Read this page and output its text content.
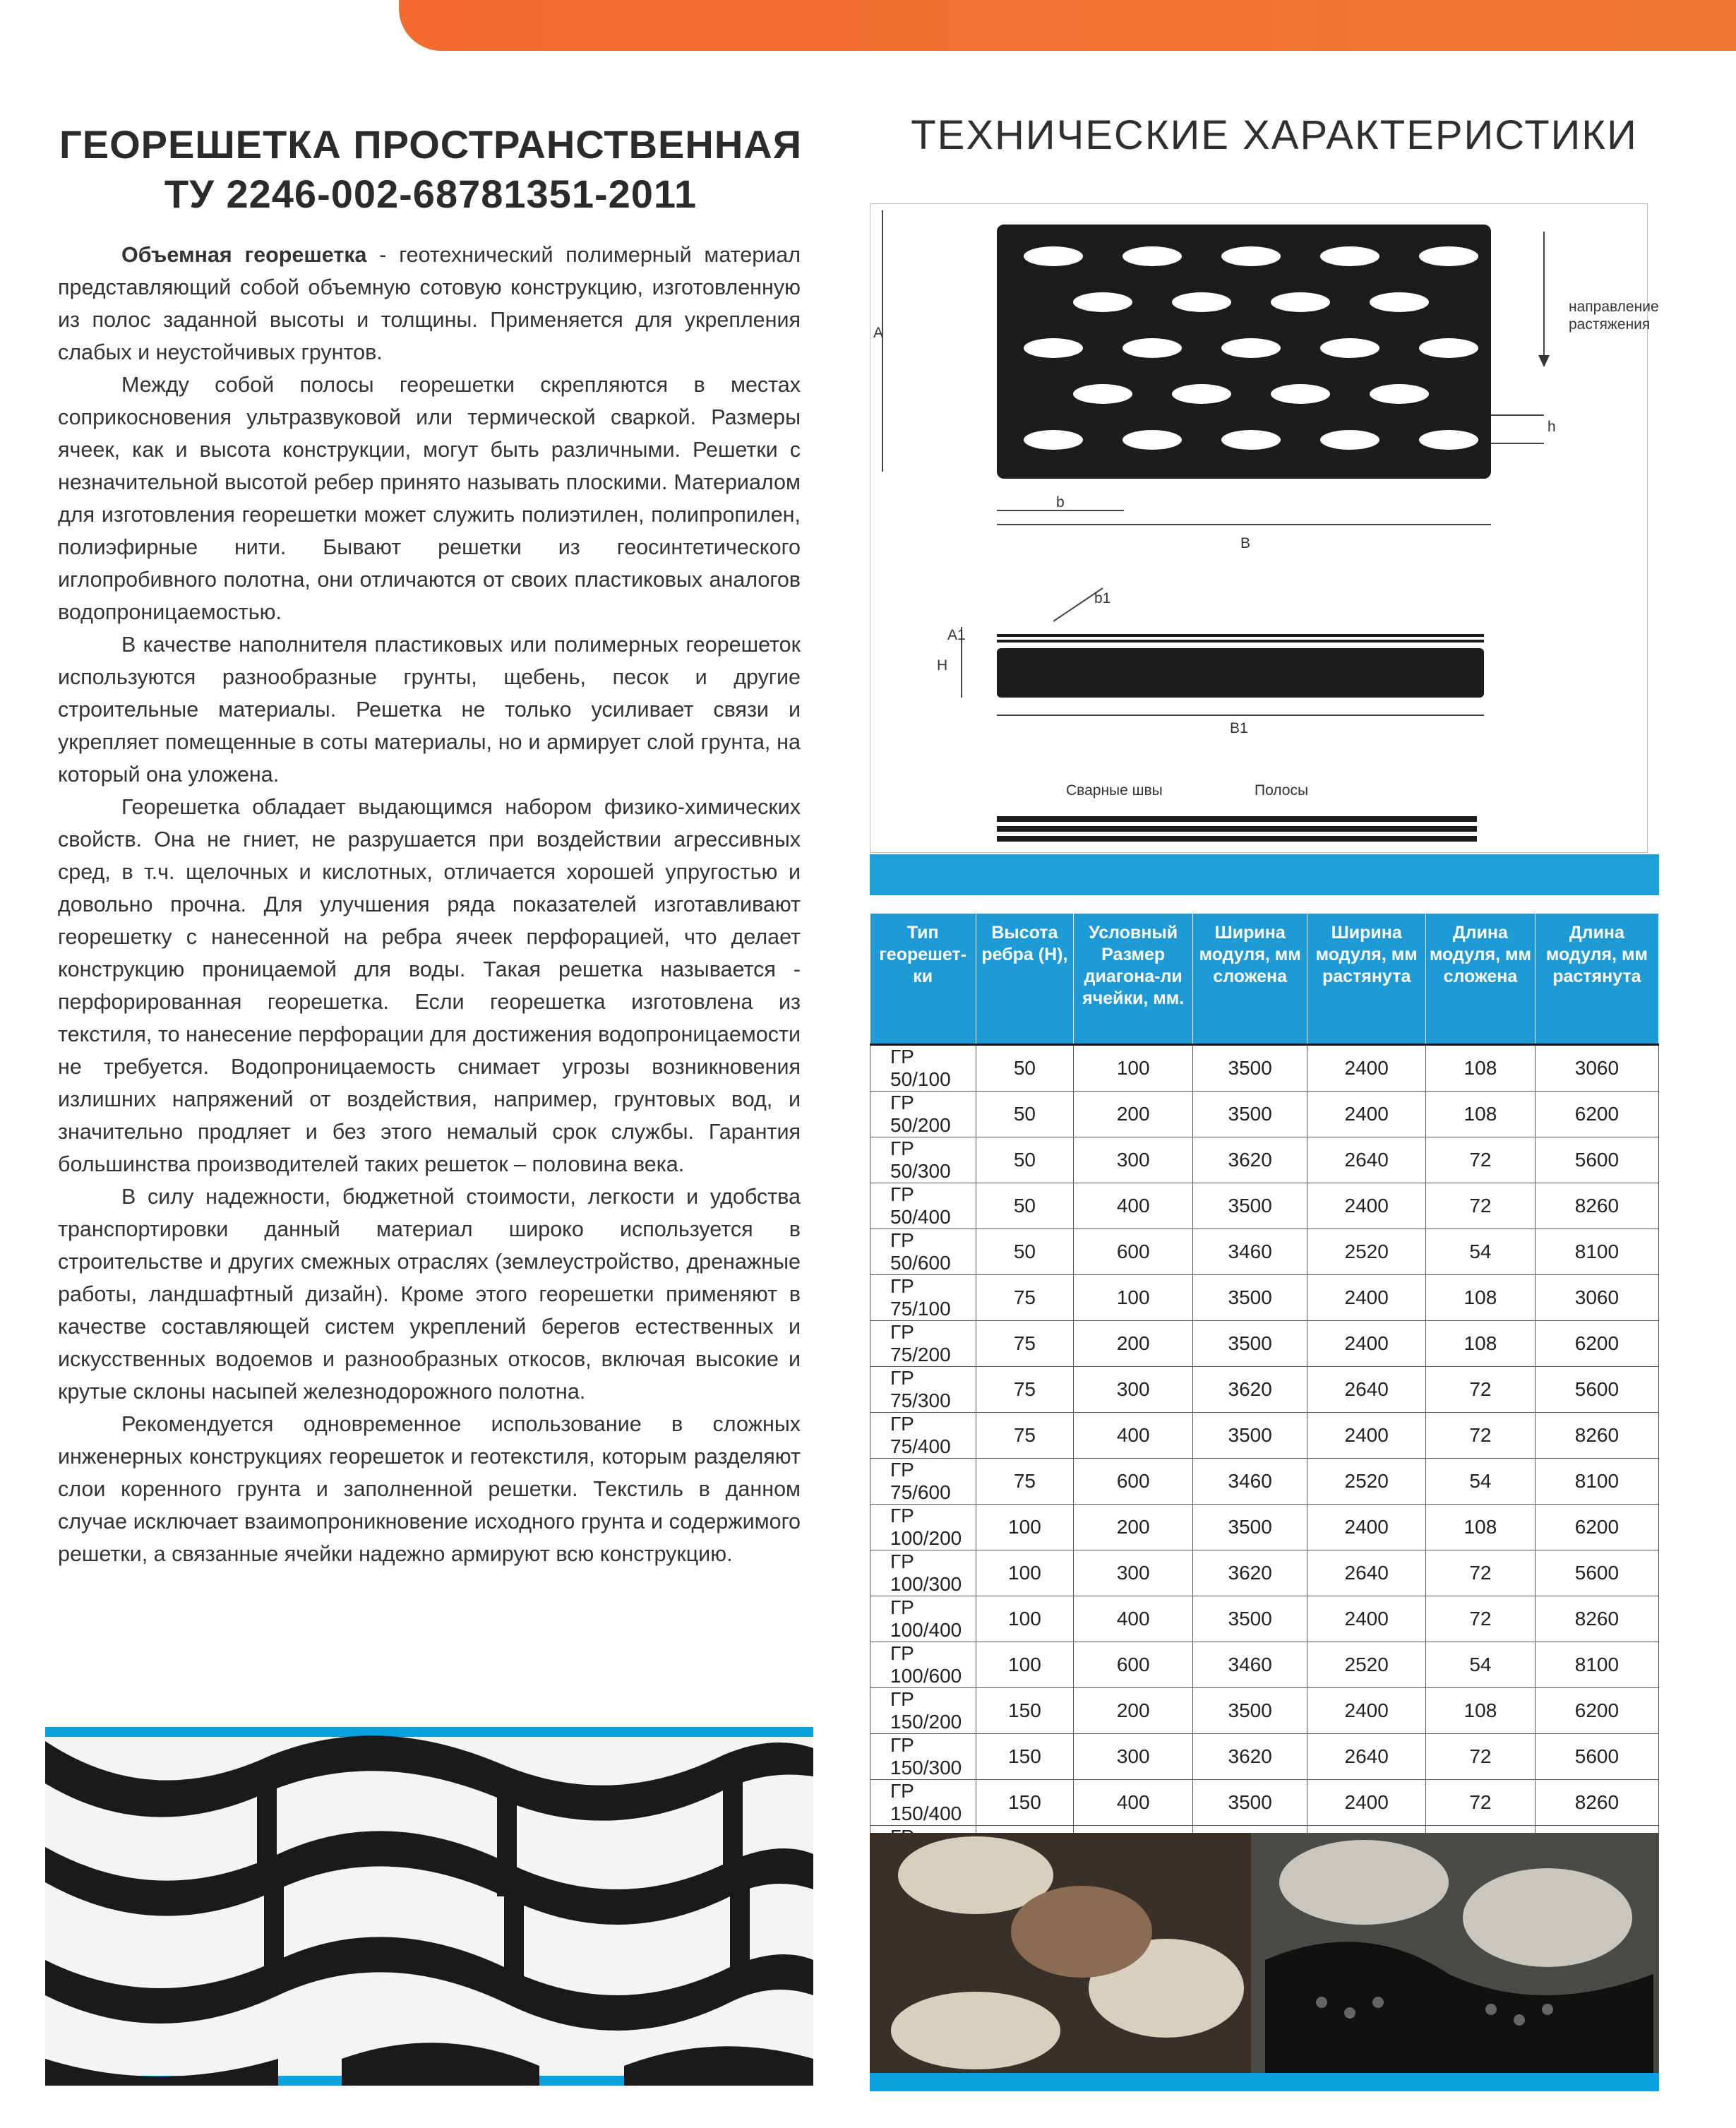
ГЕОРЕШЕТКА ПРОСТРАНСТВЕННАЯ
ТУ 2246-002-68781351-2011

Объемная георешетка - геотехнический полимерный материал представляющий собой объемную сотовую конструкцию, изготовленную из полос заданной высоты и толщины. Применяется для укрепления слабых и неустойчивых грунтов.

Между собой полосы георешетки скрепляются в местах соприкосновения ультразвуковой или термической сваркой. Размеры ячеек, как и высота конструкции, могут быть различными. Решетки с незначительной высотой ребер принято называть плоскими. Материалом для изготовления георешетки может служить полиэтилен, полипропилен, полиэфирные нити. Бывают решетки из геосинтетического иглопробивного полотна, они отличаются от своих пластиковых аналогов водопроницаемостью.

В качестве наполнителя пластиковых или полимерных георешеток используются разнообразные грунты, щебень, песок и другие строительные материалы. Решетка не только усиливает связи и укрепляет помещенные в соты материалы, но и армирует слой грунта, на который она уложена.

Георешетка обладает выдающимся набором физико-химических свойств. Она не гниет, не разрушается при воздействии агрессивных сред, в т.ч. щелочных и кислотных, отличается хорошей упругостью и довольно прочна. Для улучшения ряда показателей изготавливают георешетку с нанесенной на ребра ячеек перфорацией, что делает конструкцию проницаемой для воды. Такая решетка называется - перфорированная георешетка. Если георешетка изготовлена из текстиля, то нанесение перфорации для достижения водопроницаемости не требуется. Водопроницаемость снимает угрозы возникновения излишних напряжений от воздействия, например, грунтовых вод, и значительно продляет и без этого немалый срок службы. Гарантия большинства производителей таких решеток – половина века.

В силу надежности, бюджетной стоимости, легкости и удобства транспортировки данный материал широко используется в строительстве и других смежных отраслях (землеустройство, дренажные работы, ландшафтный дизайн). Кроме этого георешетки применяют в качестве составляющей систем укреплений берегов естественных и искусственных водоемов и разнообразных откосов, включая высокие и крутые склоны насыпей железнодорожного полотна.

Рекомендуется одновременное использование в сложных инженерных конструкциях георешеток и геотекстиля, которым разделяют слои коренного грунта и заполненной решетки. Текстиль в данном случае исключает взаимопроникновение исходного грунта и содержимого решетки, а связанные ячейки надежно армируют всю конструкцию.

ТЕХНИЧЕСКИЕ ХАРАКТЕРИСТИКИ
направление
растяжения
A
h
b
B
b1
A1
H
B1
Сварные швы	Полосы
Тип георешет-ки	Высота ребра (Н),	Условный Размер диагона-ли ячейки, мм.	Ширина модуля, мм сложена	Ширина модуля, мм растянута	Длина модуля, мм сложена	Длина модуля, мм растянута
ГР 50/100	50	100	3500	2400	108	3060
ГР 50/200	50	200	3500	2400	108	6200
ГР 50/300	50	300	3620	2640	72	5600
ГР 50/400	50	400	3500	2400	72	8260
ГР 50/600	50	600	3460	2520	54	8100
ГР 75/100	75	100	3500	2400	108	3060
ГР 75/200	75	200	3500	2400	108	6200
ГР 75/300	75	300	3620	2640	72	5600
ГР 75/400	75	400	3500	2400	72	8260
ГР 75/600	75	600	3460	2520	54	8100
ГР 100/200	100	200	3500	2400	108	6200
ГР 100/300	100	300	3620	2640	72	5600
ГР 100/400	100	400	3500	2400	72	8260
ГР 100/600	100	600	3460	2520	54	8100
ГР 150/200	150	200	3500	2400	108	6200
ГР 150/300	150	300	3620	2640	72	5600
ГР 150/400	150	400	3500	2400	72	8260
